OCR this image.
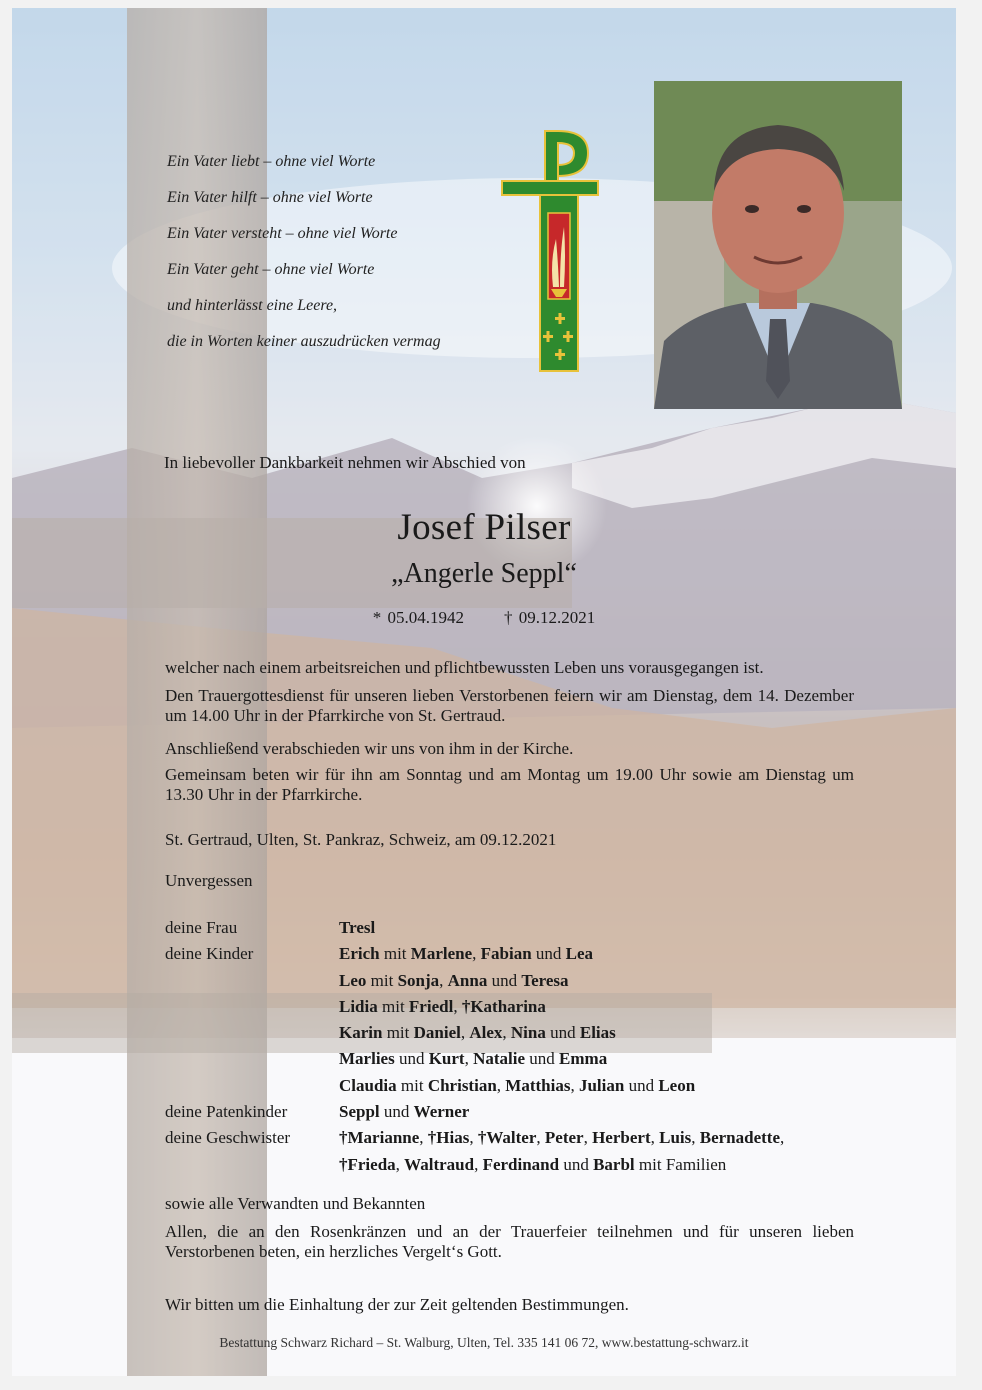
Ein Vater liebt – ohne viel Worte
Ein Vater hilft – ohne viel Worte
Ein Vater versteht – ohne viel Worte
Ein Vater geht – ohne viel Worte
und hinterlässt eine Leere,
die in Worten keiner auszudrücken vermag
In liebevoller Dankbarkeit nehmen wir Abschied von
Josef Pilser
„Angerle Seppl“
* 05.04.1942 † 09.12.2021
welcher nach einem arbeitsreichen und pflichtbewussten Leben uns vorausgegangen ist.
Den Trauergottesdienst für unseren lieben Verstorbenen feiern wir am Dienstag, dem 14. Dezember um 14.00 Uhr in der Pfarrkirche von St. Gertraud.
Anschließend verabschieden wir uns von ihm in der Kirche.
Gemeinsam beten wir für ihn am Sonntag und am Montag um 19.00 Uhr sowie am Dienstag um 13.30 Uhr in der Pfarrkirche.
St. Gertraud, Ulten, St. Pankraz, Schweiz, am 09.12.2021
Unvergessen
deine Frau	Tresl
deine Kinder	Erich mit Marlene, Fabian und Lea
Leo mit Sonja, Anna und Teresa
Lidia mit Friedl, †Katharina
Karin mit Daniel, Alex, Nina und Elias
Marlies und Kurt, Natalie und Emma
Claudia mit Christian, Matthias, Julian und Leon
deine Patenkinder	Seppl und Werner
deine Geschwister	†Marianne, †Hias, †Walter, Peter, Herbert, Luis, Bernadette,
†Frieda, Waltraud, Ferdinand und Barbl mit Familien
sowie alle Verwandten und Bekannten
Allen, die an den Rosenkränzen und an der Trauerfeier teilnehmen und für unseren lieben Verstorbenen beten, ein herzliches Vergelt‘s Gott.
Wir bitten um die Einhaltung der zur Zeit geltenden Bestimmungen.
Bestattung Schwarz Richard – St. Walburg, Ulten, Tel. 335 141 06 72, www.bestattung-schwarz.it
